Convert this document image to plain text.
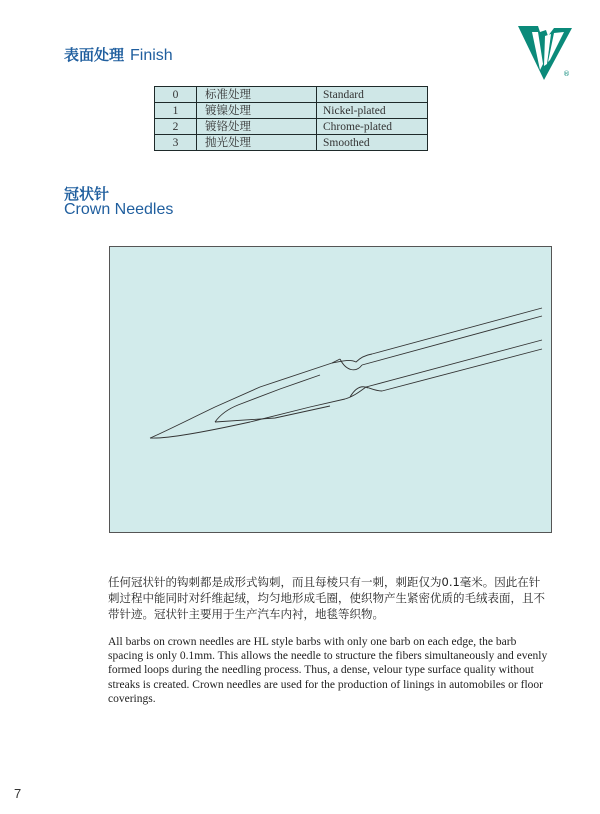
®
表面处理 Finish
0	标准处理	Standard
1	镀镍处理	Nickel-plated
2	镀铬处理	Chrome-plated
3	抛光处理	Smoothed
冠状针
Crown Needles

任何冠状针的钩刺都是成形式钩刺，而且每棱只有一刺，刺距仅为0.1毫米。因此在针刺过程中能同时对纤维起绒，均匀地形成毛圈，使织物产生紧密优质的毛绒表面，且不带针迹。冠状针主要用于生产汽车内衬，地毯等织物。

All barbs on crown needles are HL style barbs with only one barb on each edge, the barb spacing is only 0.1mm. This allows the needle to structure the fibers simultaneously and evenly formed loops during the needling process. Thus, a dense, velour type surface quality without streaks is created. Crown needles are used for the production of linings in automobiles or floor coverings.

7
